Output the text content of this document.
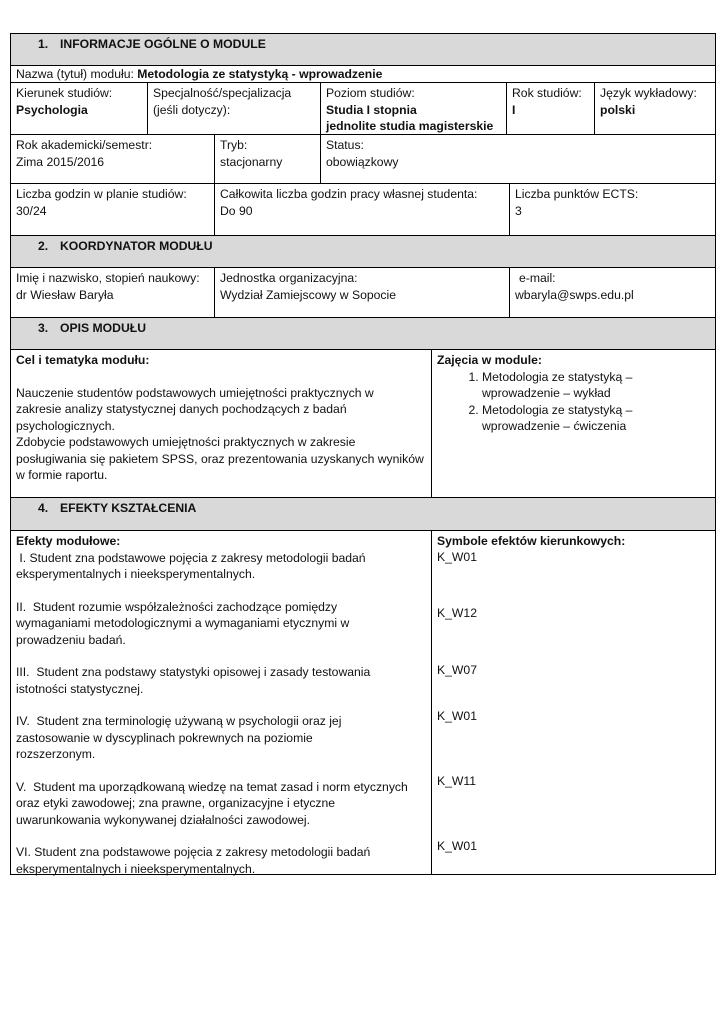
1. INFORMACJE OGÓLNE O MODULE
Nazwa (tytuł) modułu: Metodologia ze statystyką - wprowadzenie
Kierunek studiów:
Psychologia
Specjalność/specjalizacja
(jeśli dotyczy):
Poziom studiów:
Studia I stopnia
jednolite studia magisterskie
Rok studiów:
I
Język wykładowy:
polski
Rok akademicki/semestr:
Zima 2015/2016
Tryb:
stacjonarny
Status:
obowiązkowy
Liczba godzin w planie studiów:
30/24
Całkowita liczba godzin pracy własnej studenta:
Do 90
Liczba punktów ECTS:
3
2. KOORDYNATOR MODUŁU
Imię i nazwisko, stopień naukowy:
dr Wiesław Baryła
Jednostka organizacyjna:
Wydział Zamiejscowy w Sopocie
e-mail:
wbaryla@swps.edu.pl
3. OPIS MODUŁU
Cel i tematyka modułu:
Nauczenie studentów podstawowych umiejętności praktycznych w
zakresie analizy statystycznej danych pochodzących z badań
psychologicznych.
Zdobycie podstawowych umiejętności praktycznych w zakresie
posługiwania się pakietem SPSS, oraz prezentowania uzyskanych wyników
w formie raportu.
Zajęcia w module:
1. Metodologia ze statystyką –
wprowadzenie – wykład
2. Metodologia ze statystyką –
wprowadzenie – ćwiczenia
4. EFEKTY KSZTAŁCENIA
Efekty modułowe:
I. Student zna podstawowe pojęcia z zakresy metodologii badań
eksperymentalnych i nieeksperymentalnych.
II.  Student rozumie współzależności zachodzące pomiędzy
wymaganiami metodologicznymi a wymaganiami etycznymi w
prowadzeniu badań.
III.  Student zna podstawy statystyki opisowej i zasady testowania
istotności statystycznej.
IV.  Student zna terminologię używaną w psychologii oraz jej
zastosowanie w dyscyplinach pokrewnych na poziomie
rozszerzonym.
V.  Student ma uporządkowaną wiedzę na temat zasad i norm etycznych
oraz etyki zawodowej; zna prawne, organizacyjne i etyczne
uwarunkowania wykonywanej działalności zawodowej.
VI. Student zna podstawowe pojęcia z zakresy metodologii badań
eksperymentalnych i nieeksperymentalnych.
Symbole efektów kierunkowych:
K_W01
K_W12
K_W07
K_W01
K_W11
K_W01
